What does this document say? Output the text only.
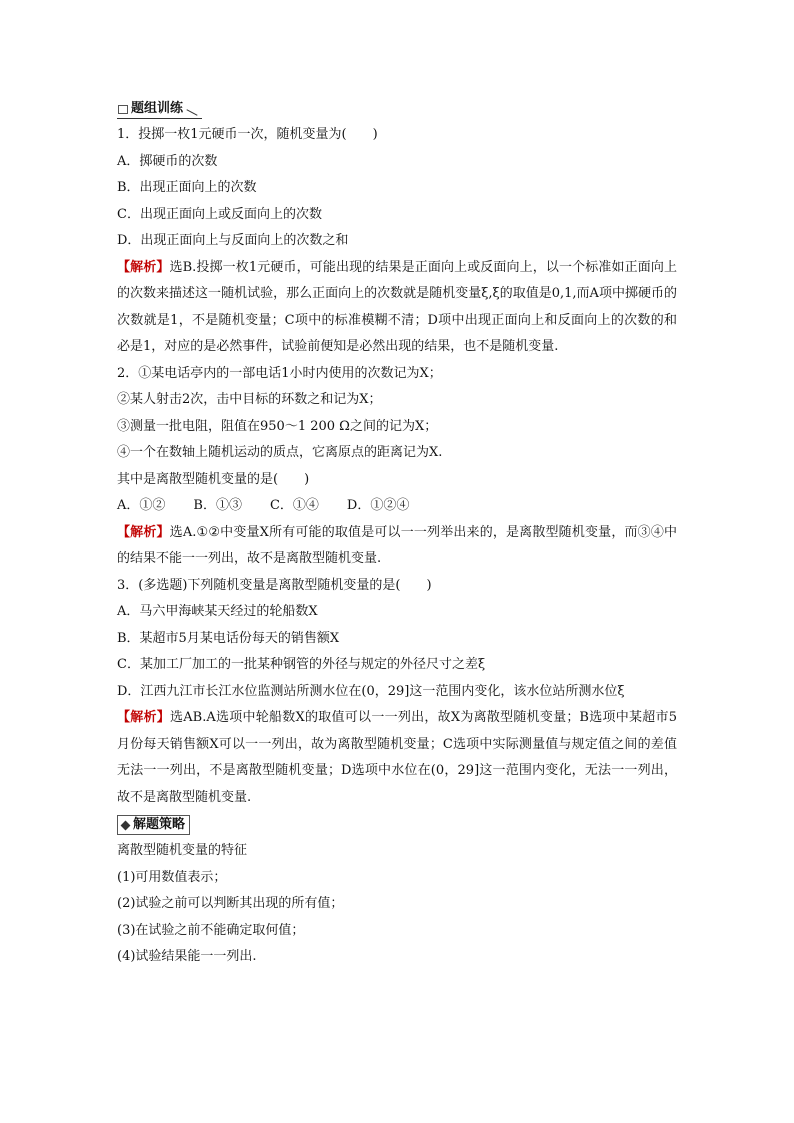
题组训练
1．投掷一枚1元硬币一次，随机变量为(　　)
A．掷硬币的次数
B．出现正面向上的次数
C．出现正面向上或反面向上的次数
D．出现正面向上与反面向上的次数之和
【解析】选B.投掷一枚1元硬币，可能出现的结果是正面向上或反面向上，以一个标准如正面向上的次数来描述这一随机试验，那么正面向上的次数就是随机变量ξ,ξ的取值是0,1,而A项中掷硬币的次数就是1，不是随机变量；C项中的标准模糊不清；D项中出现正面向上和反面向上的次数的和必是1，对应的是必然事件，试验前便知是必然出现的结果，也不是随机变量.
2．①某电话亭内的一部电话1小时内使用的次数记为X；
②某人射击2次，击中目标的环数之和记为X；
③测量一批电阻，阻值在950～1 200 Ω之间的记为X；
④一个在数轴上随机运动的质点，它离原点的距离记为X.
其中是离散型随机变量的是(　　)
A．①② B．①③ C．①④ D．①②④
【解析】选A.①②中变量X所有可能的取值是可以一一列举出来的，是离散型随机变量，而③④中的结果不能一一列出，故不是离散型随机变量.
3．(多选题)下列随机变量是离散型随机变量的是(　　)
A．马六甲海峡某天经过的轮船数X
B．某超市5月某电话份每天的销售额X
C．某加工厂加工的一批某种钢管的外径与规定的外径尺寸之差ξ
D．江西九江市长江水位监测站所测水位在(0，29]这一范围内变化，该水位站所测水位ξ
【解析】选AB.A选项中轮船数X的取值可以一一列出，故X为离散型随机变量；B选项中某超市5月份每天销售额X可以一一列出，故为离散型随机变量；C选项中实际测量值与规定值之间的差值无法一一列出，不是离散型随机变量；D选项中水位在(0，29]这一范围内变化，无法一一列出，故不是离散型随机变量.
解题策略
离散型随机变量的特征
(1)可用数值表示；
(2)试验之前可以判断其出现的所有值；
(3)在试验之前不能确定取何值；
(4)试验结果能一一列出.
